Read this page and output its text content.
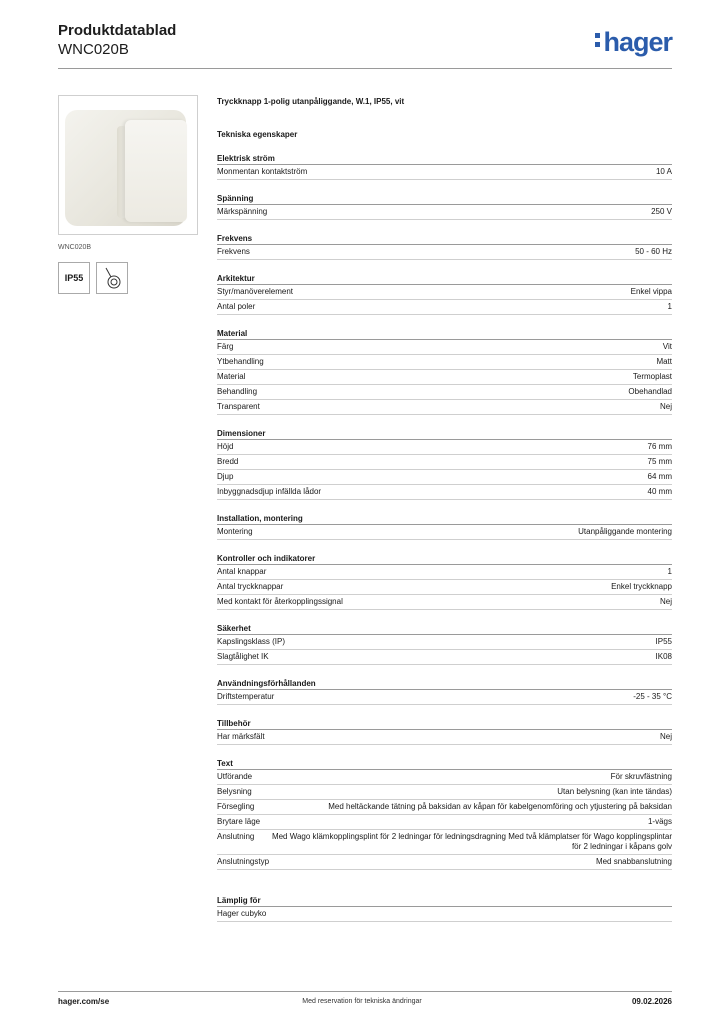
Produktdatablad
WNC020B	hager
WNC020B
IP55
Tryckknapp 1-polig utanpåliggande, W.1, IP55, vit
Tekniska egenskaper
Elektrisk ström
Monmentan kontaktström	10 A
Spänning
Märkspänning	250 V
Frekvens
Frekvens	50 - 60 Hz
Arkitektur
Styr/manöverelement	Enkel vippa
Antal poler	1
Material
Färg	Vit
Ytbehandling	Matt
Material	Termoplast
Behandling	Obehandlad
Transparent	Nej
Dimensioner
Höjd	76 mm
Bredd	75 mm
Djup	64 mm
Inbyggnadsdjup infällda lådor	40 mm
Installation, montering
Montering	Utanpåliggande montering
Kontroller och indikatorer
Antal knappar	1
Antal tryckknappar	Enkel tryckknapp
Med kontakt för återkopplingssignal	Nej
Säkerhet
Kapslingsklass (IP)	IP55
Slagtålighet IK	IK08
Användningsförhållanden
Driftstemperatur	-25 - 35 °C
Tillbehör
Har märksfält	Nej
Text
Utförande	För skruvfästning
Belysning	Utan belysning (kan inte tändas)
Försegling	Med heltäckande tätning på baksidan av kåpan för kabelgenomföring och ytjustering på baksidan
Brytare läge	1-vägs
Anslutning	Med Wago klämkopplingsplint för 2 ledningar för ledningsdragning Med två klämplatser för Wago kopplingsplintar för 2 ledningar i kåpans golv
Anslutningstyp	Med snabbanslutning
Lämplig för
Hager cubyko
hager.com/se	Med reservation för tekniska ändringar	09.02.2026
